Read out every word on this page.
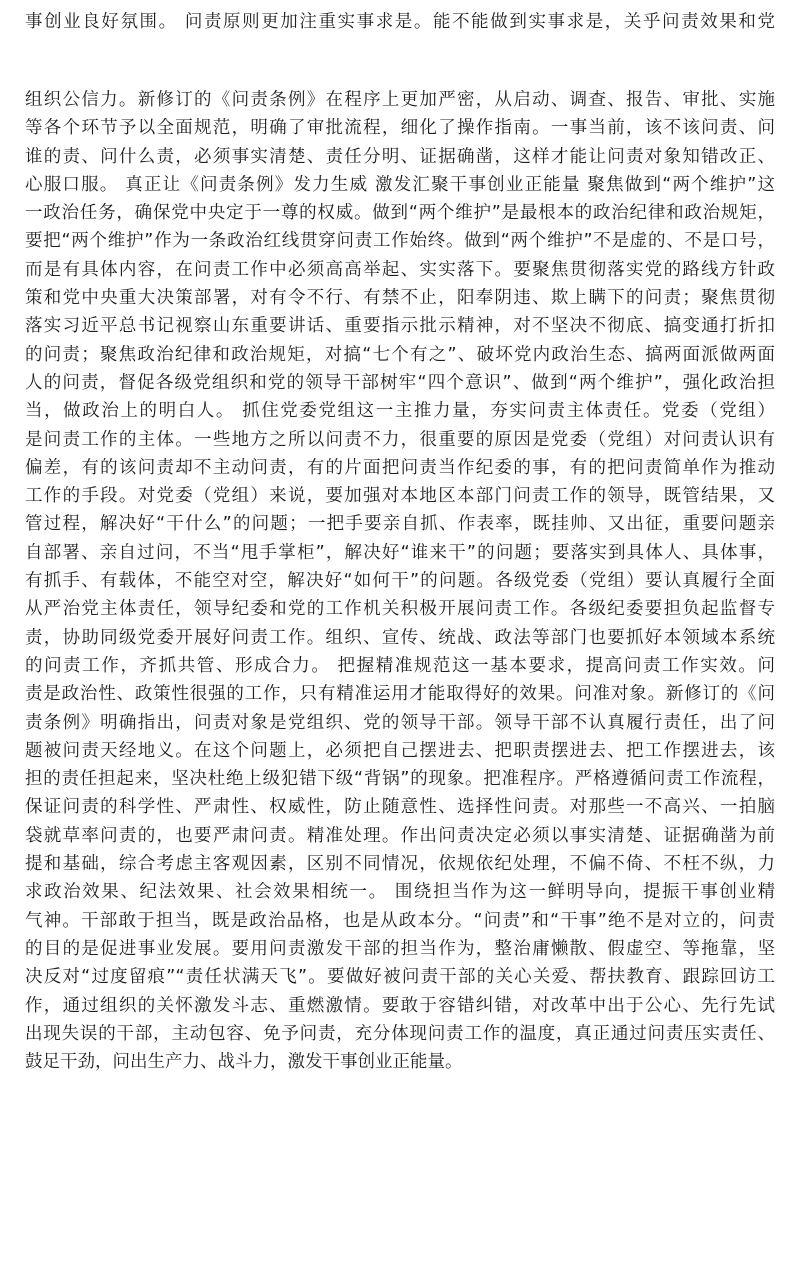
事创业良好氛围。 问责原则更加注重实事求是。能不能做到实事求是，关乎问责效果和党
组织公信力。新修订的《问责条例》在程序上更加严密，从启动、调查、报告、审批、实施
等各个环节予以全面规范，明确了审批流程，细化了操作指南。一事当前，该不该问责、问
谁的责、问什么责，必须事实清楚、责任分明、证据确凿，这样才能让问责对象知错改正、
心服口服。 真正让《问责条例》发力生威 激发汇聚干事创业正能量 聚焦做到“两个维护”这
一政治任务，确保党中央定于一尊的权威。做到“两个维护”是最根本的政治纪律和政治规矩，
要把“两个维护”作为一条政治红线贯穿问责工作始终。做到“两个维护”不是虚的、不是口号，
而是有具体内容，在问责工作中必须高高举起、实实落下。要聚焦贯彻落实党的路线方针政
策和党中央重大决策部署，对有令不行、有禁不止，阳奉阴违、欺上瞒下的问责；聚焦贯彻
落实习近平总书记视察山东重要讲话、重要指示批示精神，对不坚决不彻底、搞变通打折扣
的问责；聚焦政治纪律和政治规矩，对搞“七个有之”、破坏党内政治生态、搞两面派做两面
人的问责，督促各级党组织和党的领导干部树牢“四个意识”、做到“两个维护”，强化政治担
当，做政治上的明白人。 抓住党委党组这一主推力量，夯实问责主体责任。党委（党组）
是问责工作的主体。一些地方之所以问责不力，很重要的原因是党委（党组）对问责认识有
偏差，有的该问责却不主动问责，有的片面把问责当作纪委的事，有的把问责简单作为推动
工作的手段。对党委（党组）来说，要加强对本地区本部门问责工作的领导，既管结果，又
管过程，解决好“干什么”的问题；一把手要亲自抓、作表率，既挂帅、又出征，重要问题亲
自部署、亲自过问，不当“甩手掌柜”，解决好“谁来干”的问题；要落实到具体人、具体事，
有抓手、有载体，不能空对空，解决好“如何干”的问题。各级党委（党组）要认真履行全面
从严治党主体责任，领导纪委和党的工作机关积极开展问责工作。各级纪委要担负起监督专
责，协助同级党委开展好问责工作。组织、宣传、统战、政法等部门也要抓好本领域本系统
的问责工作，齐抓共管、形成合力。 把握精准规范这一基本要求，提高问责工作实效。问
责是政治性、政策性很强的工作，只有精准运用才能取得好的效果。问准对象。新修订的《问
责条例》明确指出，问责对象是党组织、党的领导干部。领导干部不认真履行责任，出了问
题被问责天经地义。在这个问题上，必须把自己摆进去、把职责摆进去、把工作摆进去，该
担的责任担起来，坚决杜绝上级犯错下级“背锅”的现象。把准程序。严格遵循问责工作流程，
保证问责的科学性、严肃性、权威性，防止随意性、选择性问责。对那些一不高兴、一拍脑
袋就草率问责的，也要严肃问责。精准处理。作出问责决定必须以事实清楚、证据确凿为前
提和基础，综合考虑主客观因素，区别不同情况，依规依纪处理，不偏不倚、不枉不纵，力
求政治效果、纪法效果、社会效果相统一。 围绕担当作为这一鲜明导向，提振干事创业精
气神。干部敢于担当，既是政治品格，也是从政本分。“问责”和“干事”绝不是对立的，问责
的目的是促进事业发展。要用问责激发干部的担当作为，整治庸懒散、假虚空、等拖靠，坚
决反对“过度留痕”“责任状满天飞”。要做好被问责干部的关心关爱、帮扶教育、跟踪回访工
作，通过组织的关怀激发斗志、重燃激情。要敢于容错纠错，对改革中出于公心、先行先试
出现失误的干部，主动包容、免予问责，充分体现问责工作的温度，真正通过问责压实责任、
鼓足干劲，问出生产力、战斗力，激发干事创业正能量。
